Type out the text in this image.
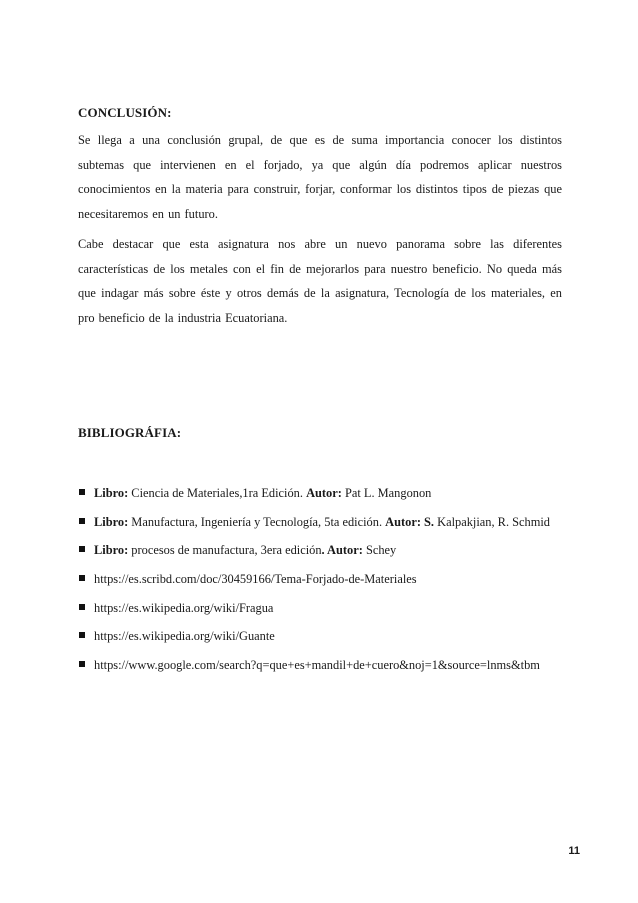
CONCLUSIÓN:
Se llega a una conclusión grupal, de que es de suma importancia conocer los distintos subtemas que intervienen en el forjado, ya que algún día podremos aplicar nuestros conocimientos en la materia para construir, forjar, conformar los distintos tipos de piezas que necesitaremos en un futuro.
Cabe destacar que esta asignatura nos abre un nuevo panorama sobre las diferentes características de los metales con el fin de mejorarlos para nuestro beneficio. No queda más que indagar más sobre éste y otros demás de la asignatura, Tecnología de los materiales, en pro beneficio de la industria Ecuatoriana.
BIBLIOGRÁFIA:
Libro: Ciencia de Materiales,1ra Edición. Autor: Pat L. Mangonon
Libro: Manufactura, Ingeniería y Tecnología, 5ta edición. Autor: S. Kalpakjian, R. Schmid
Libro: procesos de manufactura, 3era edición. Autor: Schey
https://es.scribd.com/doc/30459166/Tema-Forjado-de-Materiales
https://es.wikipedia.org/wiki/Fragua
https://es.wikipedia.org/wiki/Guante
https://www.google.com/search?q=que+es+mandil+de+cuero&noj=1&source=lnms&tbm
11
